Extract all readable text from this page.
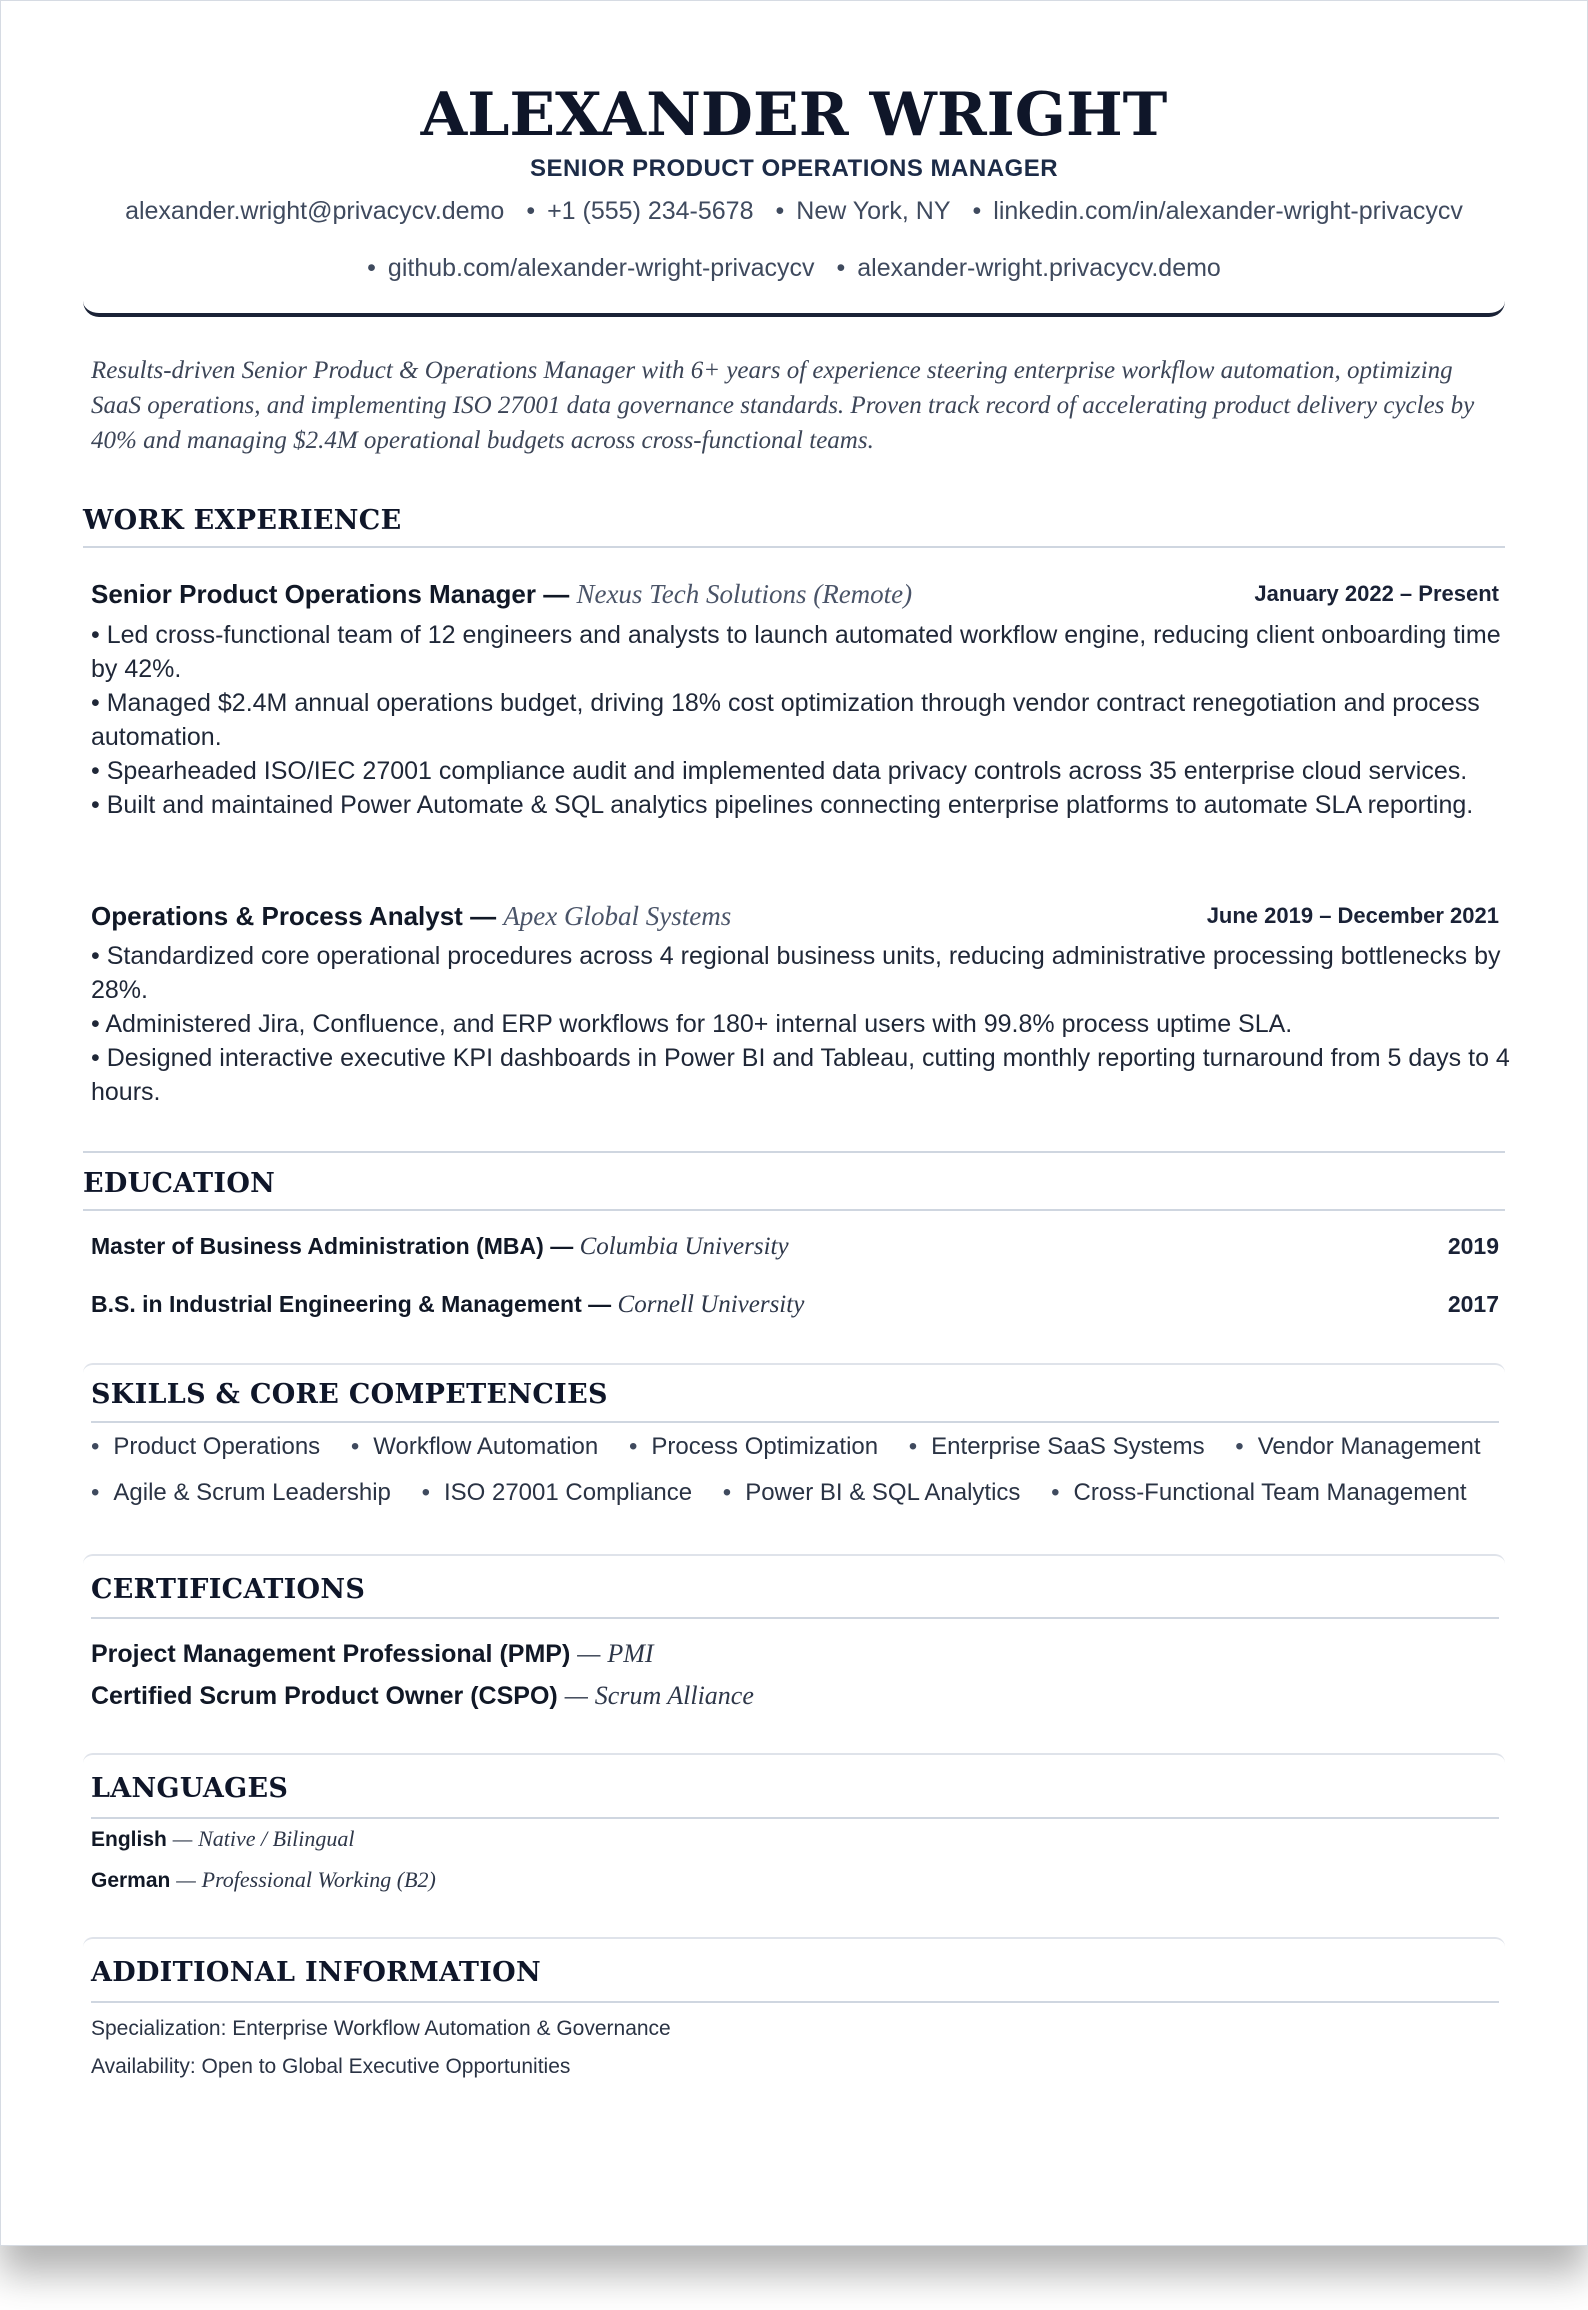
ALEXANDER WRIGHT
SENIOR PRODUCT OPERATIONS MANAGER
alexander.wright@privacycv.demo • +1 (555) 234-5678 • New York, NY • linkedin.com/in/alexander-wright-privacycv
• github.com/alexander-wright-privacycv • alexander-wright.privacycv.demo
Results-driven Senior Product & Operations Manager with 6+ years of experience steering enterprise workflow automation, optimizing SaaS operations, and implementing ISO 27001 data governance standards. Proven track record of accelerating product delivery cycles by 40% and managing $2.4M operational budgets across cross-functional teams.
WORK EXPERIENCE
Senior Product Operations Manager — Nexus Tech Solutions (Remote)	January 2022 – Present
• Led cross-functional team of 12 engineers and analysts to launch automated workflow engine, reducing client onboarding time by 42%.
• Managed $2.4M annual operations budget, driving 18% cost optimization through vendor contract renegotiation and process automation.
• Spearheaded ISO/IEC 27001 compliance audit and implemented data privacy controls across 35 enterprise cloud services.
• Built and maintained Power Automate & SQL analytics pipelines connecting enterprise platforms to automate SLA reporting.
Operations & Process Analyst — Apex Global Systems	June 2019 – December 2021
• Standardized core operational procedures across 4 regional business units, reducing administrative processing bottlenecks by 28%.
• Administered Jira, Confluence, and ERP workflows for 180+ internal users with 99.8% process uptime SLA.
• Designed interactive executive KPI dashboards in Power BI and Tableau, cutting monthly reporting turnaround from 5 days to 4 hours.
EDUCATION
Master of Business Administration (MBA) — Columbia University	2019
B.S. in Industrial Engineering & Management — Cornell University	2017
SKILLS & CORE COMPETENCIES
• Product Operations • Workflow Automation • Process Optimization • Enterprise SaaS Systems • Vendor Management
• Agile & Scrum Leadership • ISO 27001 Compliance • Power BI & SQL Analytics • Cross-Functional Team Management
CERTIFICATIONS
Project Management Professional (PMP) — PMI
Certified Scrum Product Owner (CSPO) — Scrum Alliance
LANGUAGES
English — Native / Bilingual
German — Professional Working (B2)
ADDITIONAL INFORMATION
Specialization: Enterprise Workflow Automation & Governance
Availability: Open to Global Executive Opportunities
